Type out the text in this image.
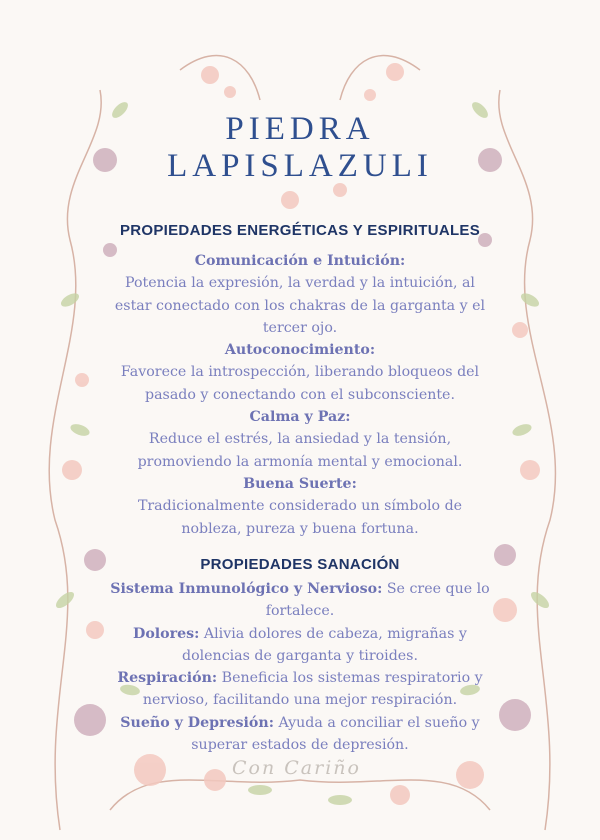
PIEDRA
LAPISLAZULI
PROPIEDADES ENERGÉTICAS Y ESPIRITUALES

Comunicación e Intuición:

Potencia la expresión, la verdad y la intuición, al estar conectado con los chakras de la garganta y el tercer ojo.

Autoconocimiento:

Favorece la introspección, liberando bloqueos del pasado y conectando con el subconsciente.

Calma y Paz:

Reduce el estrés, la ansiedad y la tensión, promoviendo la armonía mental y emocional.

Buena Suerte:

Tradicionalmente considerado un símbolo de nobleza, pureza y buena fortuna.

PROPIEDADES SANACIÓN

Sistema Inmunológico y Nervioso: Se cree que lo fortalece.

Dolores: Alivia dolores de cabeza, migrañas y dolencias de garganta y tiroides.

Respiración: Beneficia los sistemas respiratorio y nervioso, facilitando una mejor respiración.

Sueño y Depresión: Ayuda a conciliar el sueño y superar estados de depresión.

Con Cariño
